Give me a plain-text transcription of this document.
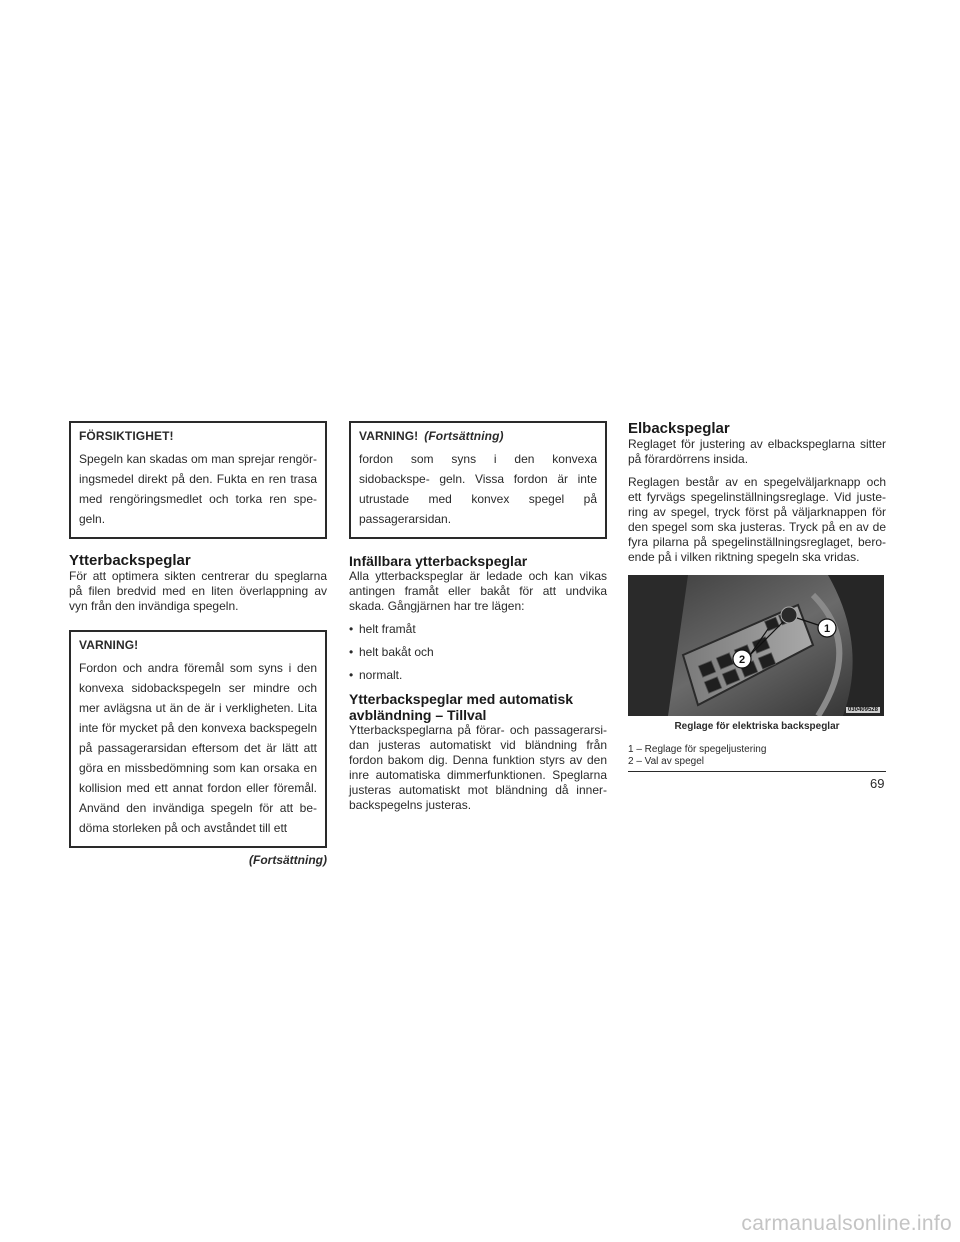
FÖRSIKTIGHET!

Spegeln kan skadas om man sprejar rengör- ingsmedel direkt på den. Fukta en ren trasa med rengöringsmedlet och torka ren spe- geln.

Ytterbackspeglar

För att optimera sikten centrerar du speglarna på filen bredvid med en liten överlappning av vyn från den invändiga spegeln.

VARNING!

Fordon och andra föremål som syns i den konvexa sidobackspegeln ser mindre och mer avlägsna ut än de är i verkligheten. Lita inte för mycket på den konvexa backspegeln på passagerarsidan eftersom det är lätt att göra en missbedömning som kan orsaka en kollision med ett annat fordon eller föremål. Använd den invändiga spegeln för att be- döma storleken på och avståndet till ett

(Fortsättning)

VARNING! (Fortsättning)

fordon som syns i den konvexa sidobackspe- geln. Vissa fordon är inte utrustade med konvex spegel på passagerarsidan.

Infällbara ytterbackspeglar

Alla ytterbackspeglar är ledade och kan vikas antingen framåt eller bakåt för att undvika skada. Gångjärnen har tre lägen:

• helt framåt
• helt bakåt och
• normalt.
Ytterbackspeglar med automatisk
avbländning – Tillval

Ytterbackspeglarna på förar- och passagerarsi- dan justeras automatiskt vid bländning från fordon bakom dig. Denna funktion styrs av den inre automatiska dimmerfunktionen. Speglarna justeras automatiskt mot bländning då inner- backspegelns justeras.

Elbackspeglar

Reglaget för justering av elbackspeglarna sitter på förardörrens insida.

Reglagen består av en spegelväljarknapp och ett fyrvägs spegelinställningsreglage. Vid juste- ring av spegel, tryck först på väljarknappen för den spegel som ska justeras. Tryck på en av de fyra pilarna på spegelinställningsreglaget, bero- ende på i vilken riktning spegeln ska vridas.

1
2
030409528

Reglage för elektriska backspeglar

1 – Reglage för spegeljustering

2 – Val av spegel

69
carmanualsonline.info
